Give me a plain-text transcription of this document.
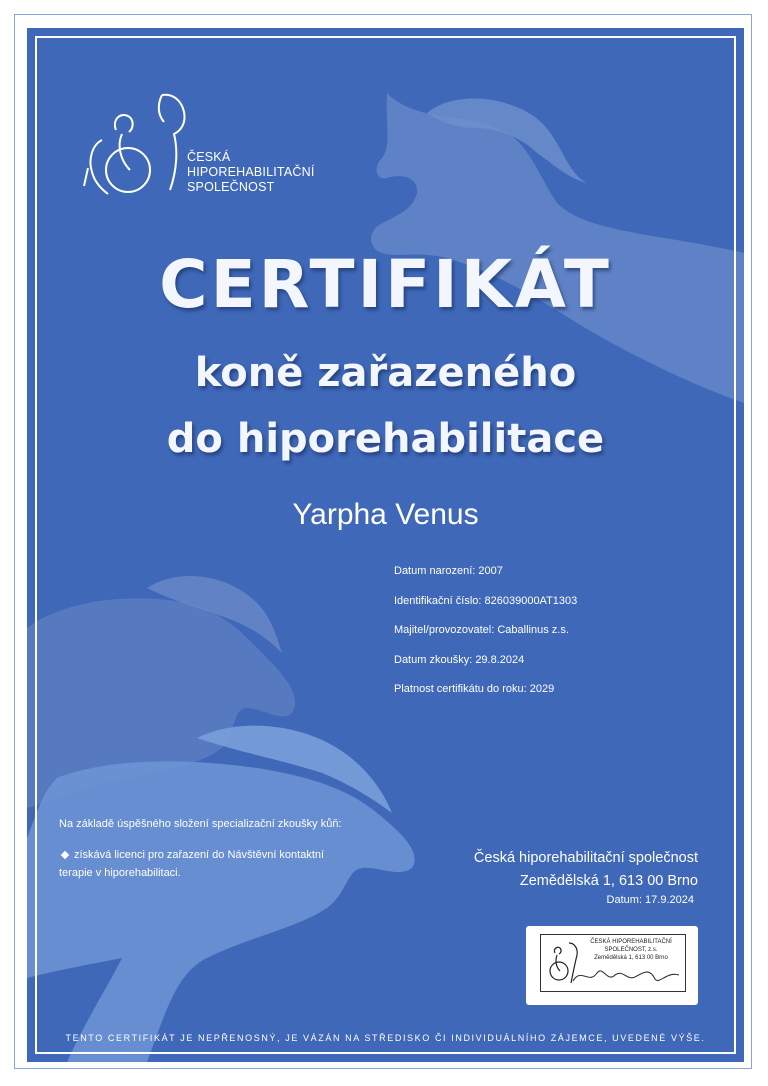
ČESKÁ
HIPOREHABILITAČNÍ
SPOLEČNOST
CERTIFIKÁT
koně zařazeného
do hiporehabilitace
Yarpha Venus
Datum narození: 2007
Identifikační číslo: 826039000AT1303
Majitel/provozovatel: Caballinus z.s.
Datum zkoušky: 29.8.2024
Platnost certifikátu do roku: 2029
Na základě úspěšného složení specializační zkoušky kůň:
získává licenci pro zařazení do Návštěvní kontaktní terapie v hiporehabilitaci.
Česká hiporehabilitační společnost
Zemědělská 1, 613 00 Brno
Datum: 17.9.2024
ČESKÁ HIPOREHABILITAČNÍ
SPOLEČNOST, z.s.
Zemědělská 1, 613 00 Brno
TENTO CERTIFIKÁT JE NEPŘENOSNÝ, JE VÁZÁN NA STŘEDISKO ČI INDIVIDUÁLNÍHO ZÁJEMCE, UVEDENÉ VÝŠE.
